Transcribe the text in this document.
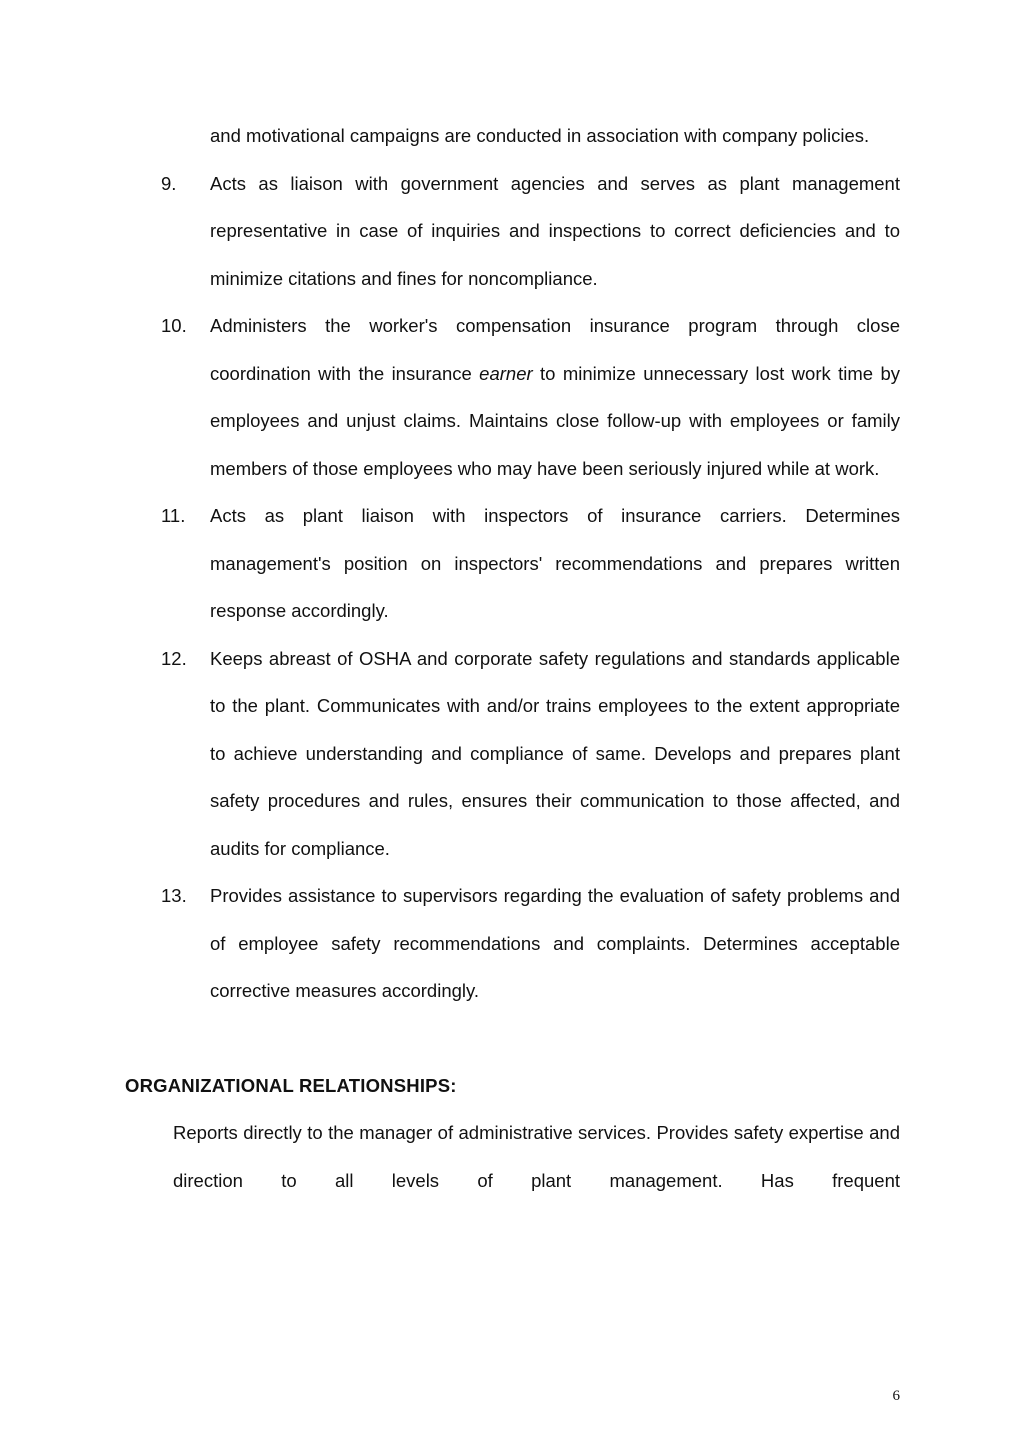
and motivational campaigns are conducted in association with company policies.
9. Acts as liaison with government agencies and serves as plant management representative in case of inquiries and inspections to correct deficiencies and to minimize citations and fines for noncompliance.
10. Administers the worker's compensation insurance program through close coordination with the insurance earner to minimize unnecessary lost work time by employees and unjust claims. Maintains close follow-up with employees or family members of those employees who may have been seriously injured while at work.
11. Acts as plant liaison with inspectors of insurance carriers. Determines management's position on inspectors' recommendations and prepares written response accordingly.
12. Keeps abreast of OSHA and corporate safety regulations and standards applicable to the plant. Communicates with and/or trains employees to the extent appropriate to achieve understanding and compliance of same. Develops and prepares plant safety procedures and rules, ensures their communication to those affected, and audits for compliance.
13. Provides assistance to supervisors regarding the evaluation of safety problems and of employee safety recommendations and complaints. Determines acceptable corrective measures accordingly.
ORGANIZATIONAL RELATIONSHIPS:
Reports directly to the manager of administrative services. Provides safety expertise and direction to all levels of plant management. Has frequent
6
